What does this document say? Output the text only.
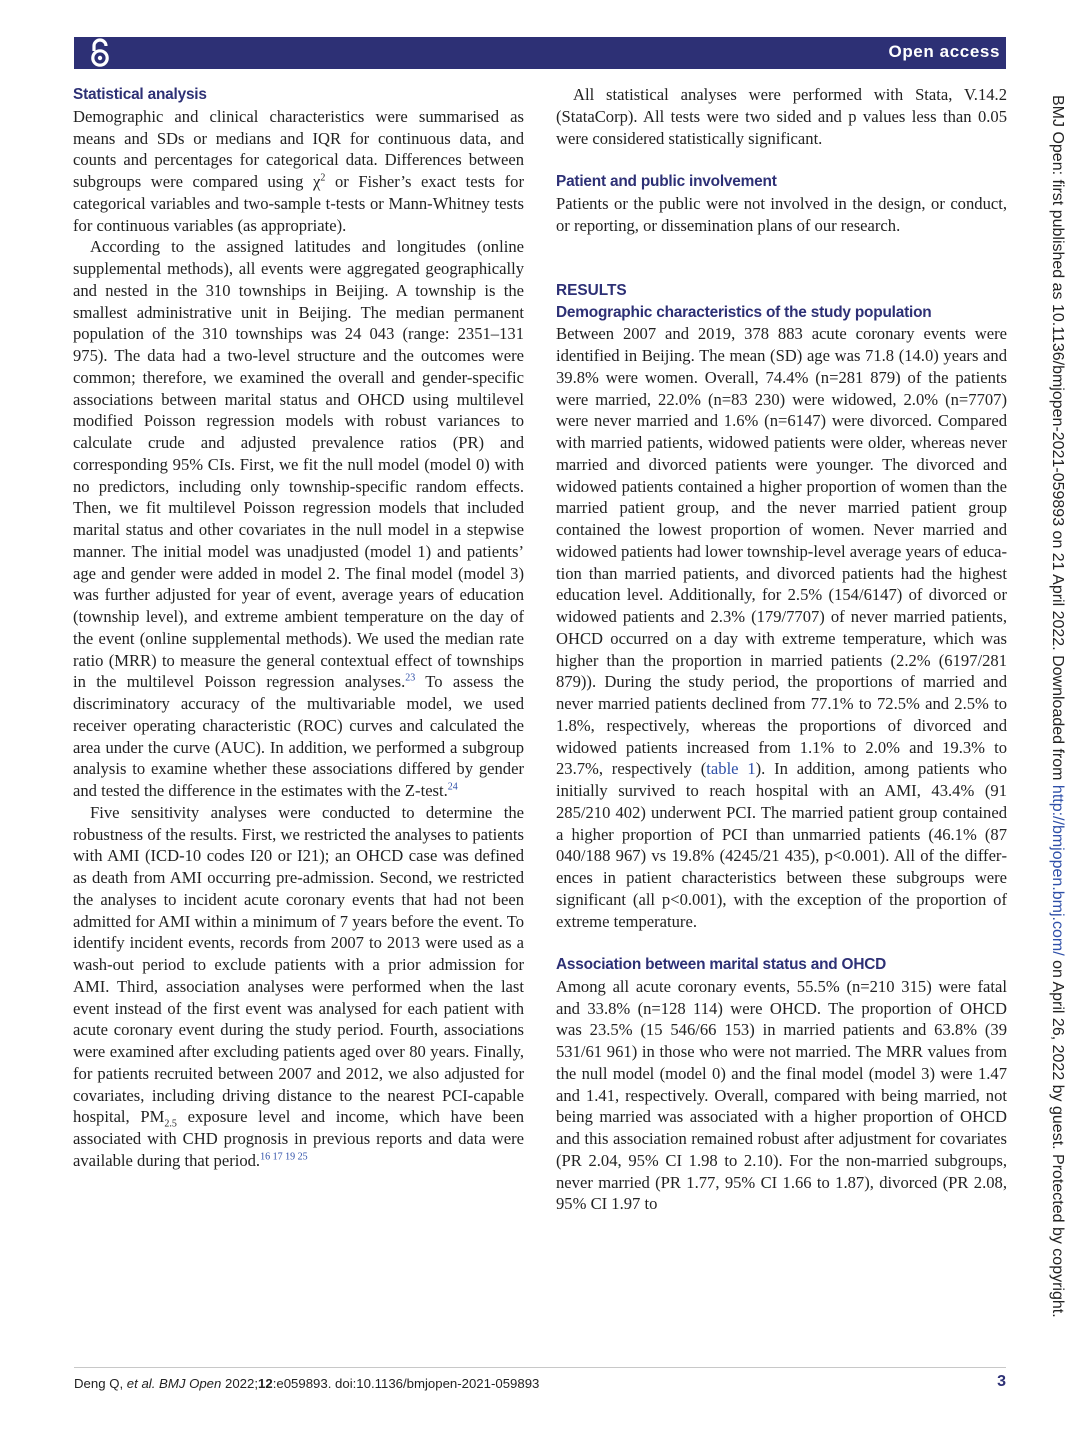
Open access

Statistical analysis

Demographic and clinical characteristics were summarised as means and SDs or medians and IQR for continuous data, and counts and percentages for categorical data. Differences between subgroups were compared using $\chi^2$ or Fisher’s exact tests for categorical variables and two-sample t-tests or Mann-Whitney tests for continuous variables (as appropriate).

According to the assigned latitudes and longitudes (online supplemental methods), all events were aggregated geographically and nested in the 310 townships in Beijing. A township is the smallest administrative unit in Beijing. The median permanent population of the 310 townships was 24 043 (range: 2351–131 975). The data had a two-level structure and the outcomes were common; therefore, we examined the overall and gender-specific associations between marital status and OHCD using multilevel modified Poisson regression models with robust variances to calculate crude and adjusted prevalence ratios (PR) and corresponding 95% CIs. First, we fit the null model (model 0) with no predictors, including only township-specific random effects. Then, we fit multilevel Poisson regression models that included marital status and other covariates in the null model in a stepwise manner. The initial model was unadjusted (model 1) and patients’ age and gender were added in model 2. The final model (model 3) was further adjusted for year of event, average years of education (township level), and extreme ambient temperature on the day of the event (online supplemental methods). We used the median rate ratio (MRR) to measure the general contextual effect of townships in the multilevel Poisson regression analyses.$^{23}$ To assess the discriminatory accuracy of the multivariable model, we used receiver operating characteristic (ROC) curves and calculated the area under the curve (AUC). In addition, we performed a subgroup analysis to examine whether these associations differed by gender and tested the difference in the estimates with the Z-test.$^{24}$

Five sensitivity analyses were conducted to determine the robustness of the results. First, we restricted the analyses to patients with AMI (ICD-10 codes I20 or I21); an OHCD case was defined as death from AMI occurring pre-admission. Second, we restricted the analyses to incident acute coronary events that had not been admitted for AMI within a minimum of 7 years before the event. To identify incident events, records from 2007 to 2013 were used as a wash-out period to exclude patients with a prior admission for AMI. Third, association analyses were performed when the last event instead of the first event was analysed for each patient with acute coronary event during the study period. Fourth, associations were examined after excluding patients aged over 80 years. Finally, for patients recruited between 2007 and 2012, we also adjusted for covariates, including driving distance to the nearest PCI-capable hospital, $PM_{2.5}$ exposure level and income, which have been associated with CHD prognosis in previous reports and data were available during that period.$^{16 17 19 25}$

All statistical analyses were performed with Stata, V.14.2 (StataCorp). All tests were two sided and p values less than 0.05 were considered statistically significant.

Patient and public involvement

Patients or the public were not involved in the design, or conduct, or reporting, or dissemination plans of our research.

RESULTS

Demographic characteristics of the study population

Between 2007 and 2019, 378 883 acute coronary events were identified in Beijing. The mean (SD) age was 71.8 (14.0) years and 39.8% were women. Overall, 74.4% (n=281 879) of the patients were married, 22.0% (n=83 230) were widowed, 2.0% (n=7707) were never married and 1.6% (n=6147) were divorced. Compared with married patients, widowed patients were older, whereas never married and divorced patients were younger. The divorced and widowed patients contained a higher proportion of women than the married patient group, and the never married patient group contained the lowest proportion of women. Never married and widowed patients had lower township-level average years of education than married patients, and divorced patients had the highest education level. Additionally, for 2.5% (154/6147) of divorced or widowed patients and 2.3% (179/7707) of never married patients, OHCD occurred on a day with extreme temperature, which was higher than the proportion in married patients (2.2% (6197/281 879)). During the study period, the proportions of married and never married patients declined from 77.1% to 72.5% and 2.5% to 1.8%, respectively, whereas the proportions of divorced and widowed patients increased from 1.1% to 2.0% and 19.3% to 23.7%, respectively (table 1). In addition, among patients who initially survived to reach hospital with an AMI, 43.4% (91 285/210 402) underwent PCI. The married patient group contained a higher proportion of PCI than unmarried patients (46.1% (87 040/188 967) vs 19.8% (4245/21 435), p<0.001). All of the differences in patient characteristics between these subgroups were significant (all p<0.001), with the exception of the proportion of extreme temperature.

Association between marital status and OHCD

Among all acute coronary events, 55.5% (n=210 315) were fatal and 33.8% (n=128 114) were OHCD. The proportion of OHCD was 23.5% (15 546/66 153) in married patients and 63.8% (39 531/61 961) in those who were not married. The MRR values from the null model (model 0) and the final model (model 3) were 1.47 and 1.41, respectively. Overall, compared with being married, not being married was associated with a higher proportion of OHCD and this association remained robust after adjustment for covariates (PR 2.04, 95% CI 1.98 to 2.10). For the non-married subgroups, never married (PR 1.77, 95% CI 1.66 to 1.87), divorced (PR 2.08, 95% CI 1.97 to

Deng Q, et al. BMJ Open 2022;12:e059893. doi:10.1136/bmjopen-2021-059893	3
BMJ Open: first published as 10.1136/bmjopen-2021-059893 on 21 April 2022. Downloaded from http://bmjopen.bmj.com/ on April 26, 2022 by guest. Protected by copyright.
